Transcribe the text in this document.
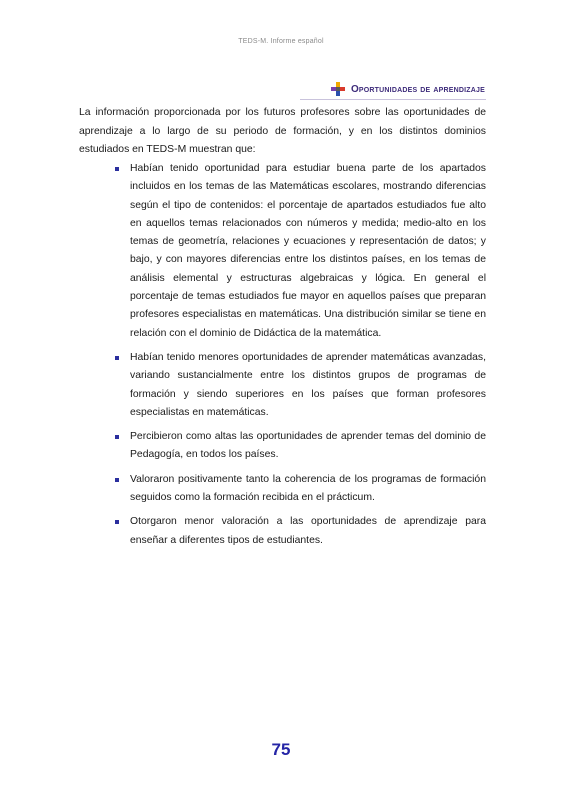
TEDS-M. Informe español
Oportunidades de aprendizaje

La información proporcionada por los futuros profesores sobre las oportunidades de aprendizaje a lo largo de su periodo de formación, y en los distintos dominios estudiados en TEDS-M muestran que:

Habían tenido oportunidad para estudiar buena parte de los apartados incluidos en los temas de las Matemáticas escolares, mostrando diferencias según el tipo de contenidos: el porcentaje de apartados estudiados fue alto en aquellos temas relacionados con números y medida; medio-alto en los temas de geometría, relaciones y ecuaciones y representación de datos; y bajo, y con mayores diferencias entre los distintos países, en los temas de análisis elemental y estructuras algebraicas y lógica. En general el porcentaje de temas estudiados fue mayor en aquellos países que preparan profesores especialistas en matemáticas. Una distribución similar se tiene en relación con el dominio de Didáctica de la matemática.
Habían tenido menores oportunidades de aprender matemáticas avanzadas, variando sustancialmente entre los distintos grupos de programas de formación y siendo superiores en los países que forman profesores especialistas en matemáticas.
Percibieron como altas las oportunidades de aprender temas del dominio de Pedagogía, en todos los países.
Valoraron positivamente tanto la coherencia de los programas de formación seguidos como la formación recibida en el prácticum.
Otorgaron menor valoración a las oportunidades de aprendizaje para enseñar a diferentes tipos de estudiantes.
75
